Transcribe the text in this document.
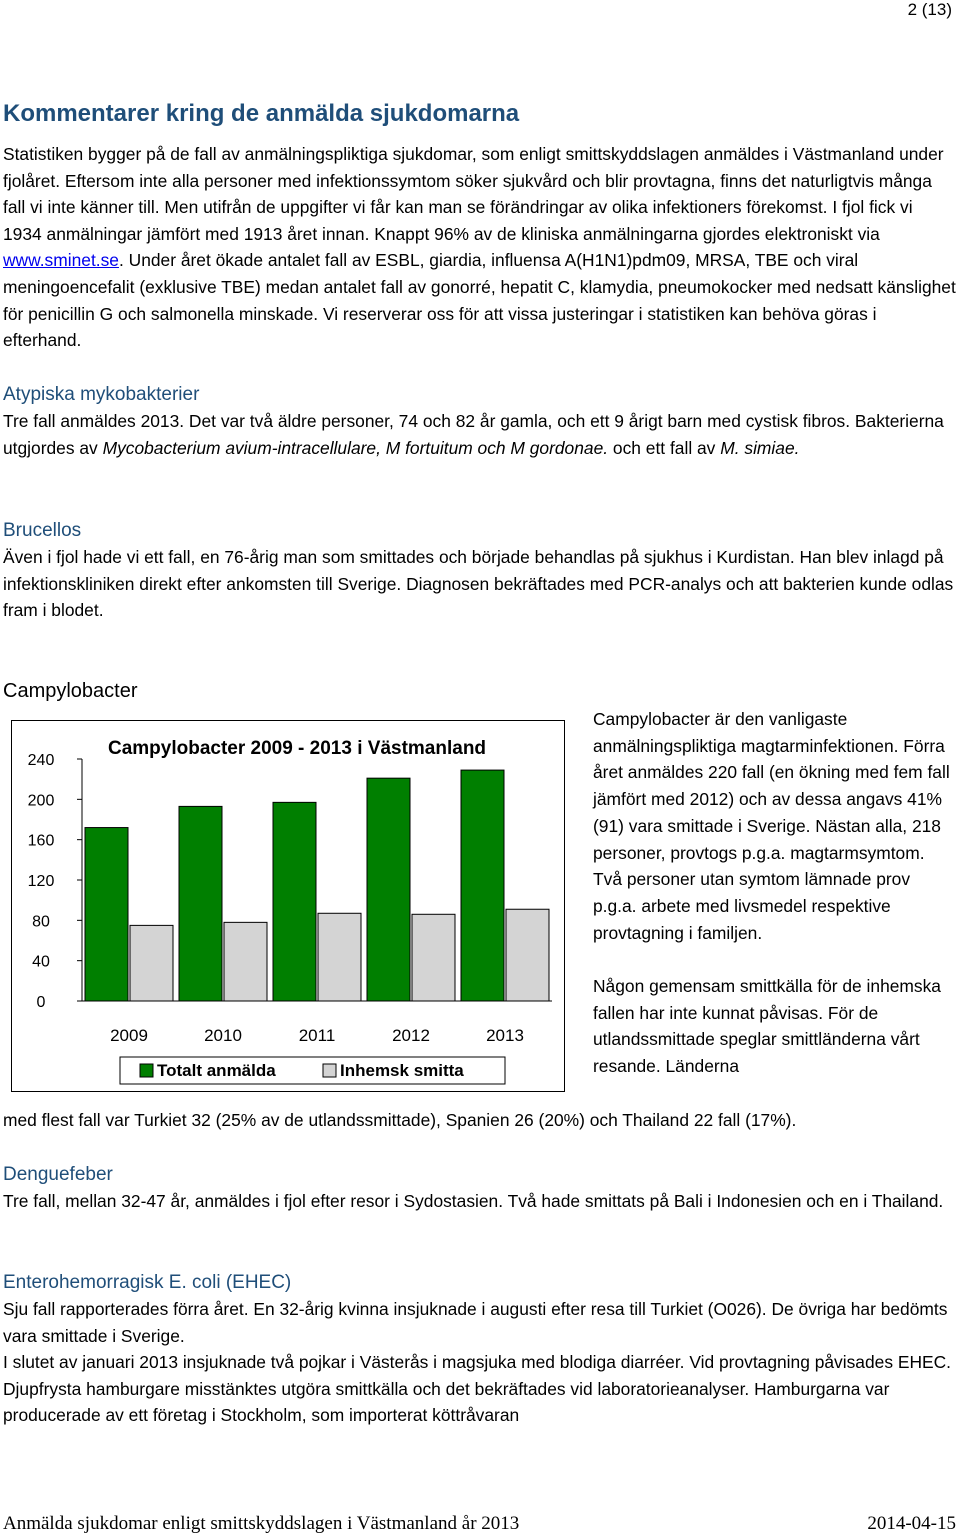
2 (13)
Kommentarer kring de anmälda sjukdomarna

Statistiken bygger på de fall av anmälningspliktiga sjukdomar, som enligt smittskyddslagen anmäldes i Västmanland under fjolåret. Eftersom inte alla personer med infektionssymtom söker sjukvård och blir provtagna, finns det naturligtvis många fall vi inte känner till. Men utifrån de uppgifter vi får kan man se förändringar av olika infektioners förekomst. I fjol fick vi 1934 anmälningar jämfört med 1913 året innan. Knappt 96% av de kliniska anmälningarna gjordes elektroniskt via www.sminet.se. Under året ökade antalet fall av ESBL, giardia, influensa A(H1N1)pdm09, MRSA, TBE och viral meningoencefalit (exklusive TBE) medan antalet fall av gonorré, hepatit C, klamydia, pneumokocker med nedsatt känslighet för penicillin G och salmonella minskade. Vi reserverar oss för att vissa justeringar i statistiken kan behöva göras i efterhand.

Atypiska mykobakterier

Tre fall anmäldes 2013. Det var två äldre personer, 74 och 82 år gamla, och ett 9 årigt barn med cystisk fibros. Bakterierna utgjordes av Mycobacterium avium-intracellulare, M fortuitum och M gordonae. och ett fall av M. simiae.

Brucellos

Även i fjol hade vi ett fall, en 76-årig man som smittades och började behandlas på sjukhus i Kurdistan. Han blev inlagd på infektionskliniken direkt efter ankomsten till Sverige. Diagnosen bekräftades med PCR-analys och att bakterien kunde odlas fram i blodet.

Campylobacter

Campylobacter 2009 - 2013 i Västmanland
0
40
80
120
160
200
240
2009	2010	2011	2012	2013
Totalt anmälda	Inhemsk smitta

Campylobacter är den vanligaste anmälningspliktiga magtarminfektionen. Förra året anmäldes 220 fall (en ökning med fem fall jämfört med 2012) och av dessa angavs 41% (91) vara smittade i Sverige. Nästan alla, 218 personer, provtogs p.g.a. magtarmsymtom. Två personer utan symtom lämnade prov p.g.a. arbete med livsmedel respektive provtagning i familjen.

Någon gemensam smittkälla för de inhemska fallen har inte kunnat påvisas. För de utlandssmittade speglar smittländerna vårt resande. Länderna

med flest fall var Turkiet 32 (25% av de utlandssmittade), Spanien 26 (20%) och Thailand 22 fall (17%).

Denguefeber

Tre fall, mellan 32-47 år, anmäldes i fjol efter resor i Sydostasien. Två hade smittats på Bali i Indonesien och en i Thailand.

Enterohemorragisk E. coli (EHEC)

Sju fall rapporterades förra året. En 32-årig kvinna insjuknade i augusti efter resa till Turkiet (O026). De övriga har bedömts vara smittade i Sverige.

I slutet av januari 2013 insjuknade två pojkar i Västerås i magsjuka med blodiga diarréer. Vid provtagning påvisades EHEC. Djupfrysta hamburgare misstänktes utgöra smittkälla och det bekräftades vid laboratorieanalyser. Hamburgarna var producerade av ett företag i Stockholm, som importerat köttråvaran

Anmälda sjukdomar enligt smittskyddslagen i Västmanland år 2013	2014-04-15
